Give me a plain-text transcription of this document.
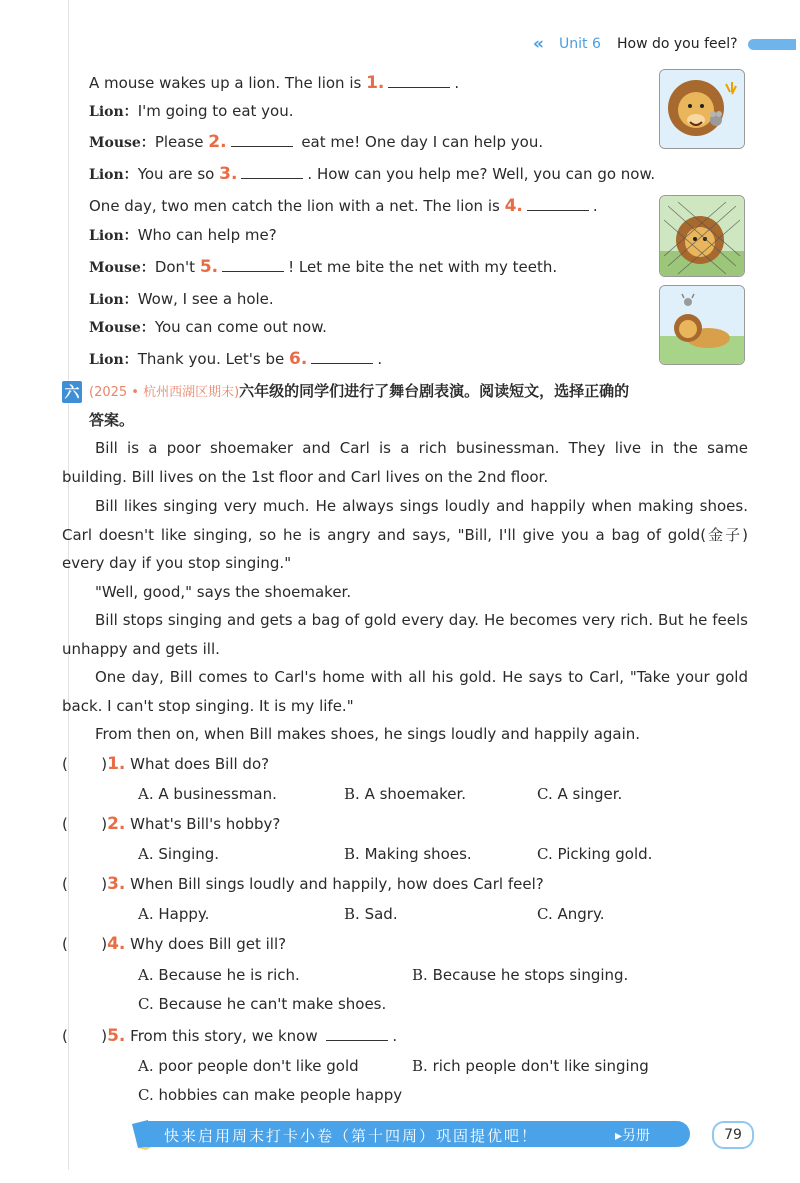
« Unit 6 How do you feel?
A mouse wakes up a lion. The lion is 1.	.
Lion：I'm going to eat you.
Mouse：Please 2.	eat me! One day I can help you.
Lion：You are so 3.	. How can you help me? Well, you can go now.
One day, two men catch the lion with a net. The lion is 4.	.
Lion：Who can help me?
Mouse：Don't 5.	! Let me bite the net with my teeth.
Lion：Wow, I see a hole.
Mouse：You can come out now.
Lion：Thank you. Let's be 6.	.
六 (2025 • 杭州西湖区期末)六年级的同学们进行了舞台剧表演。阅读短文，选择正确的
答案。
Bill is a poor shoemaker and Carl is a rich businessman. They live in the same building. Bill lives on the 1st floor and Carl lives on the 2nd floor.
Bill likes singing very much. He always sings loudly and happily when making shoes. Carl doesn't like singing, so he is angry and says, "Bill, I'll give you a bag of gold(金子) every day if you stop singing."
"Well, good," says the shoemaker.
Bill stops singing and gets a bag of gold every day. He becomes very rich. But he feels unhappy and gets ill.
One day, Bill comes to Carl's home with all his gold. He says to Carl, "Take your gold back. I can't stop singing. It is my life."
From then on, when Bill makes shoes, he sings loudly and happily again.
(       )1. What does Bill do?
A. A businessman.	B. A shoemaker.	C. A singer.
(       )2. What's Bill's hobby?
A. Singing.	B. Making shoes.	C. Picking gold.
(       )3. When Bill sings loudly and happily, how does Carl feel?
A. Happy.	B. Sad.	C. Angry.
(       )4. Why does Bill get ill?
A. Because he is rich.	B. Because he stops singing.
C. Because he can't make shoes.
(       )5. From this story, we know	.
A. poor people don't like gold	B. rich people don't like singing
C. hobbies can make people happy
快来启用周末打卡小卷（第十四周）巩固提优吧！	▸另册	79
